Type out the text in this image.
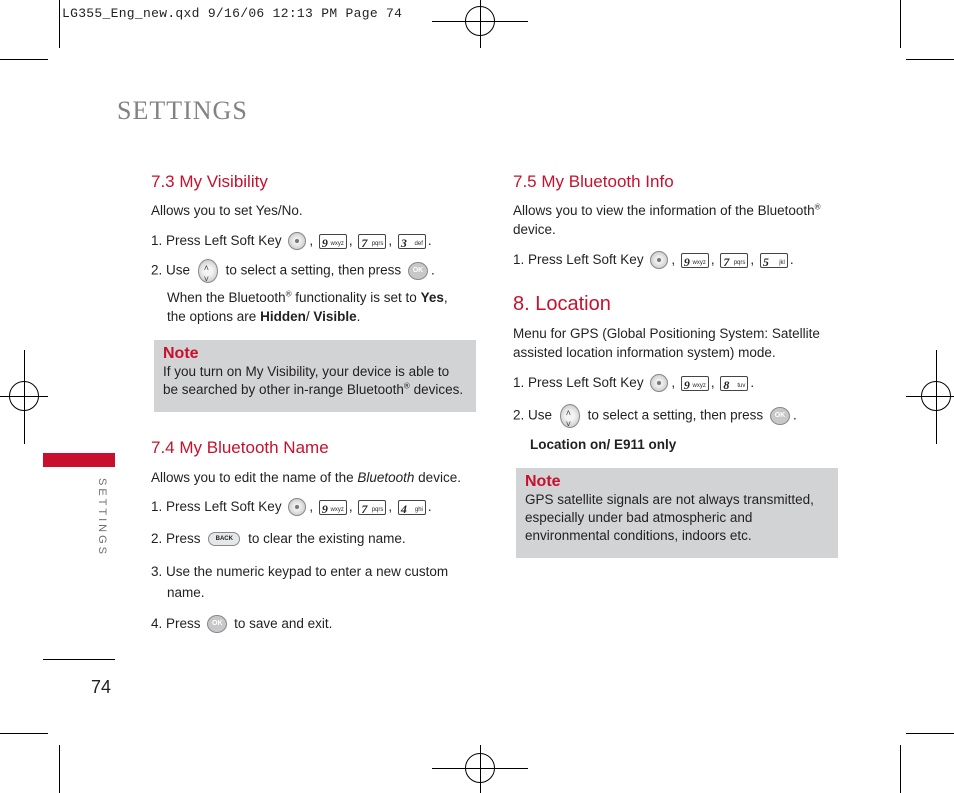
LG355_Eng_new.qxd 9/16/06 12:13 PM Page 74
SETTINGS
SETTINGS
74
7.3 My Visibility
Allows you to set Yes/No.
1. Press Left Soft Key , 9 wxyz , 7 pqrs , 3 def .
2. Use ˄ ˅	to select a setting, then press OK .
When the Bluetooth® functionality is set to Yes,
the options are Hidden/ Visible.
Note
If you turn on My Visibility, your device is able to
be searched by other in-range Bluetooth® devices.
7.4 My Bluetooth Name
Allows you to edit the name of the Bluetooth device.
1. Press Left Soft Key , 9 wxyz , 7 pqrs , 4 ghi .
2. Press	BACK to clear the existing name.
3. Use the numeric keypad to enter a new custom
name.
4. Press OK to save and exit.
7.5 My Bluetooth Info
Allows you to view the information of the Bluetooth®
device.
1. Press Left Soft Key , 9 wxyz , 7 pqrs , 5 jkl .
8. Location
Menu for GPS (Global Positioning System: Satellite
assisted location information system) mode.
1. Press Left Soft Key , 9 wxyz , 8 tuv .
2. Use ˄ ˅	to select a setting, then press OK .
Location on/ E911 only
Note
GPS satellite signals are not always transmitted,
especially under bad atmospheric and
environmental conditions, indoors etc.
